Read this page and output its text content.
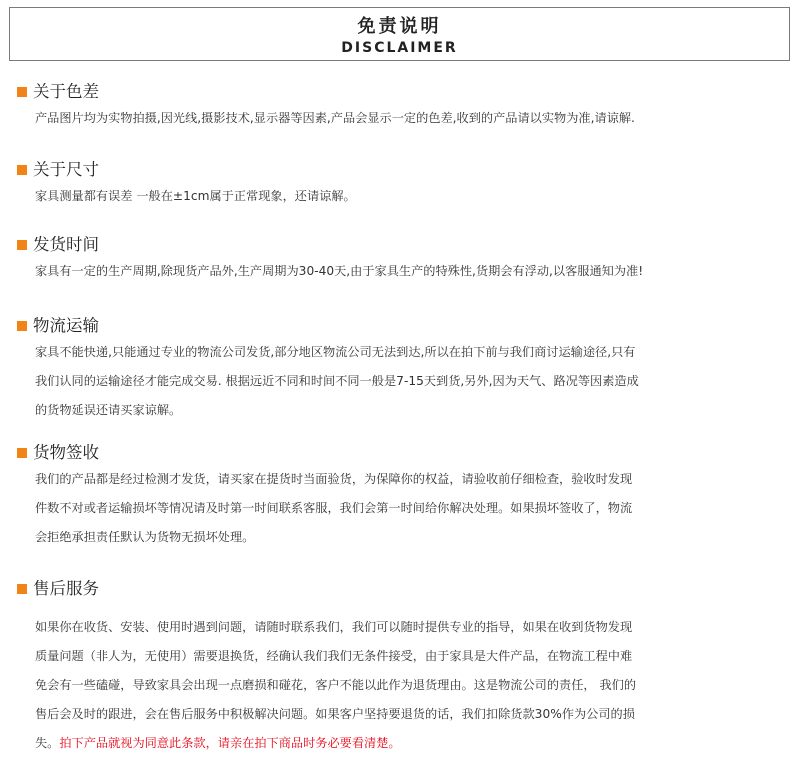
免责说明
DISCLAIMER
关于色差
产品图片均为实物拍摄,因光线,摄影技术,显示器等因素,产品会显示一定的色差,收到的产品请以实物为准,请谅解.
关于尺寸
家具测量都有误差 一般在±1cm属于正常现象，还请谅解。
发货时间
家具有一定的生产周期,除现货产品外,生产周期为30-40天,由于家具生产的特殊性,货期会有浮动,以客服通知为准!
物流运输
家具不能快递,只能通过专业的物流公司发货,部分地区物流公司无法到达,所以在拍下前与我们商讨运输途径,只有
我们认同的运输途径才能完成交易. 根据远近不同和时间不同一般是7-15天到货,另外,因为天气、路况等因素造成
的货物延误还请买家谅解。
货物签收
我们的产品都是经过检测才发货，请买家在提货时当面验货，为保障你的权益，请验收前仔细检查，验收时发现
件数不对或者运输损坏等情况请及时第一时间联系客服，我们会第一时间给你解决处理。如果损坏签收了，物流
会拒绝承担责任默认为货物无损坏处理。
售后服务
如果你在收货、安装、使用时遇到问题，请随时联系我们，我们可以随时提供专业的指导，如果在收到货物发现
质量问题（非人为，无使用）需要退换货，经确认我们我们无条件接受，由于家具是大件产品，在物流工程中难
免会有一些磕碰，导致家具会出现一点磨损和碰花，客户不能以此作为退货理由。这是物流公司的责任， 我们的
售后会及时的跟进，会在售后服务中积极解决问题。如果客户坚持要退货的话，我们扣除货款30%作为公司的损
失。拍下产品就视为同意此条款，请亲在拍下商品时务必要看清楚。
